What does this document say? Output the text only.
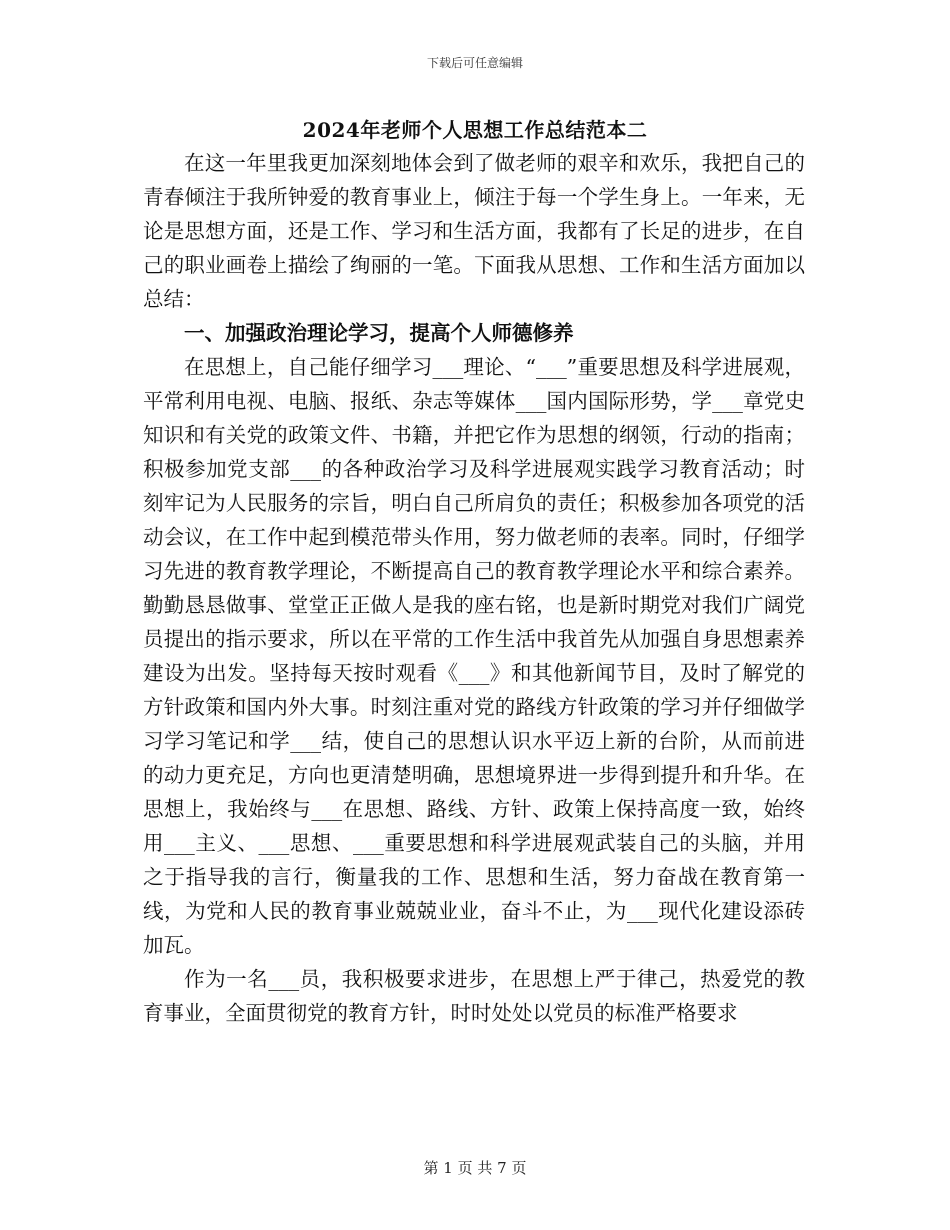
下载后可任意编辑
2024年老师个人思想工作总结范本二

在这一年里我更加深刻地体会到了做老师的艰辛和欢乐，我把自己的青春倾注于我所钟爱的教育事业上，倾注于每一个学生身上。一年来，无论是思想方面，还是工作、学习和生活方面，我都有了长足的进步，在自己的职业画卷上描绘了绚丽的一笔。下面我从思想、工作和生活方面加以总结：

一、加强政治理论学习，提高个人师德修养

在思想上，自己能仔细学习___理论、“___”重要思想及科学进展观，平常利用电视、电脑、报纸、杂志等媒体___国内国际形势，学___章党史知识和有关党的政策文件、书籍，并把它作为思想的纲领，行动的指南；积极参加党支部___的各种政治学习及科学进展观实践学习教育活动；时刻牢记为人民服务的宗旨，明白自己所肩负的责任；积极参加各项党的活动会议，在工作中起到模范带头作用，努力做老师的表率。同时，仔细学习先进的教育教学理论，不断提高自己的教育教学理论水平和综合素养。勤勤恳恳做事、堂堂正正做人是我的座右铭，也是新时期党对我们广阔党员提出的指示要求，所以在平常的工作生活中我首先从加强自身思想素养建设为出发。坚持每天按时观看《___》和其他新闻节目，及时了解党的方针政策和国内外大事。时刻注重对党的路线方针政策的学习并仔细做学习学习笔记和学___结，使自己的思想认识水平迈上新的台阶，从而前进的动力更充足，方向也更清楚明确，思想境界进一步得到提升和升华。在思想上，我始终与___在思想、路线、方针、政策上保持高度一致，始终用___主义、___思想、___重要思想和科学进展观武装自己的头脑，并用之于指导我的言行，衡量我的工作、思想和生活，努力奋战在教育第一线，为党和人民的教育事业兢兢业业，奋斗不止，为___现代化建设添砖加瓦。

作为一名___员，我积极要求进步，在思想上严于律己，热爱党的教育事业，全面贯彻党的教育方针，时时处处以党员的标准严格要求

第 1 页 共 7 页
